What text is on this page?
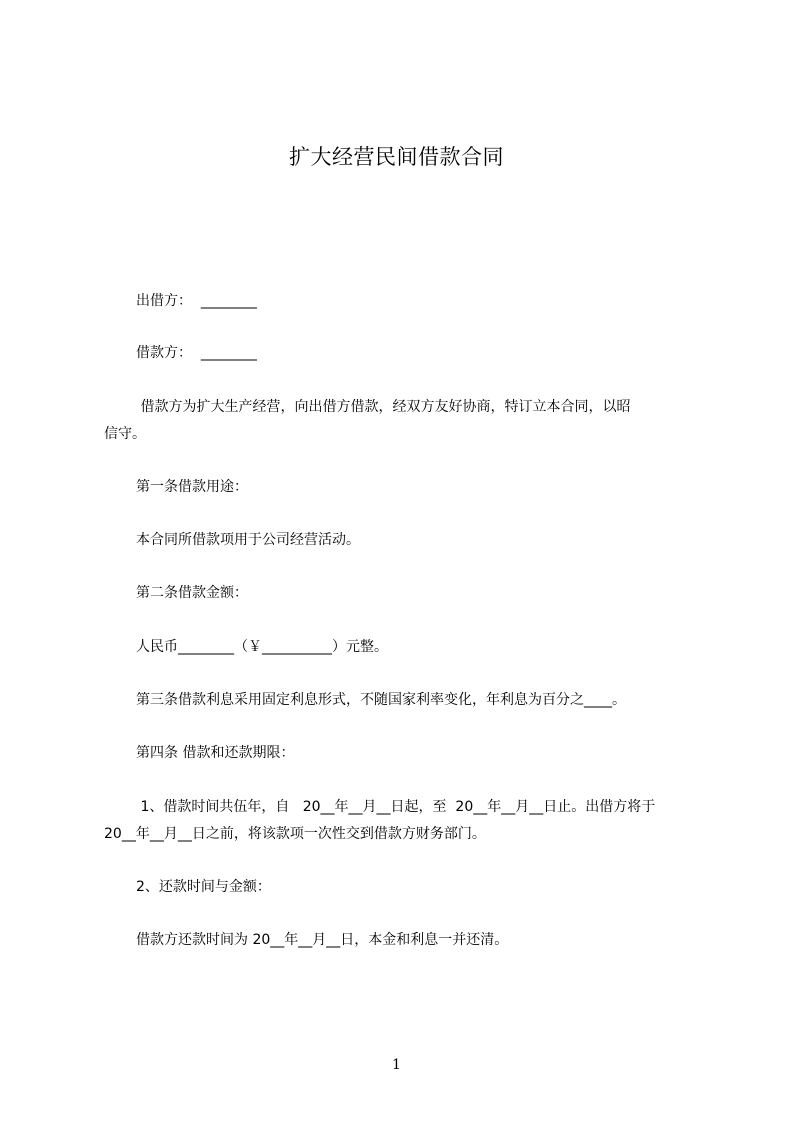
扩大经营民间借款合同
出借方：  ________
借款方：  ________
借款方为扩大生产经营，向出借方借款，经双方友好协商，特订立本合同，以昭
信守。
第一条借款用途：
本合同所借款项用于公司经营活动。
第二条借款金额：
人民币________（￥__________）元整。
第三条借款利息采用固定利息形式，不随国家利率变化，年利息为百分之____。
第四条 借款和还款期限：
1、借款时间共伍年，自   20__年__月__日起，至  20__年__月__日止。出借方将于
20__年__月__日之前，将该款项一次性交到借款方财务部门。
2、还款时间与金额：
借款方还款时间为 20__年__月__日，本金和利息一并还清。
1
